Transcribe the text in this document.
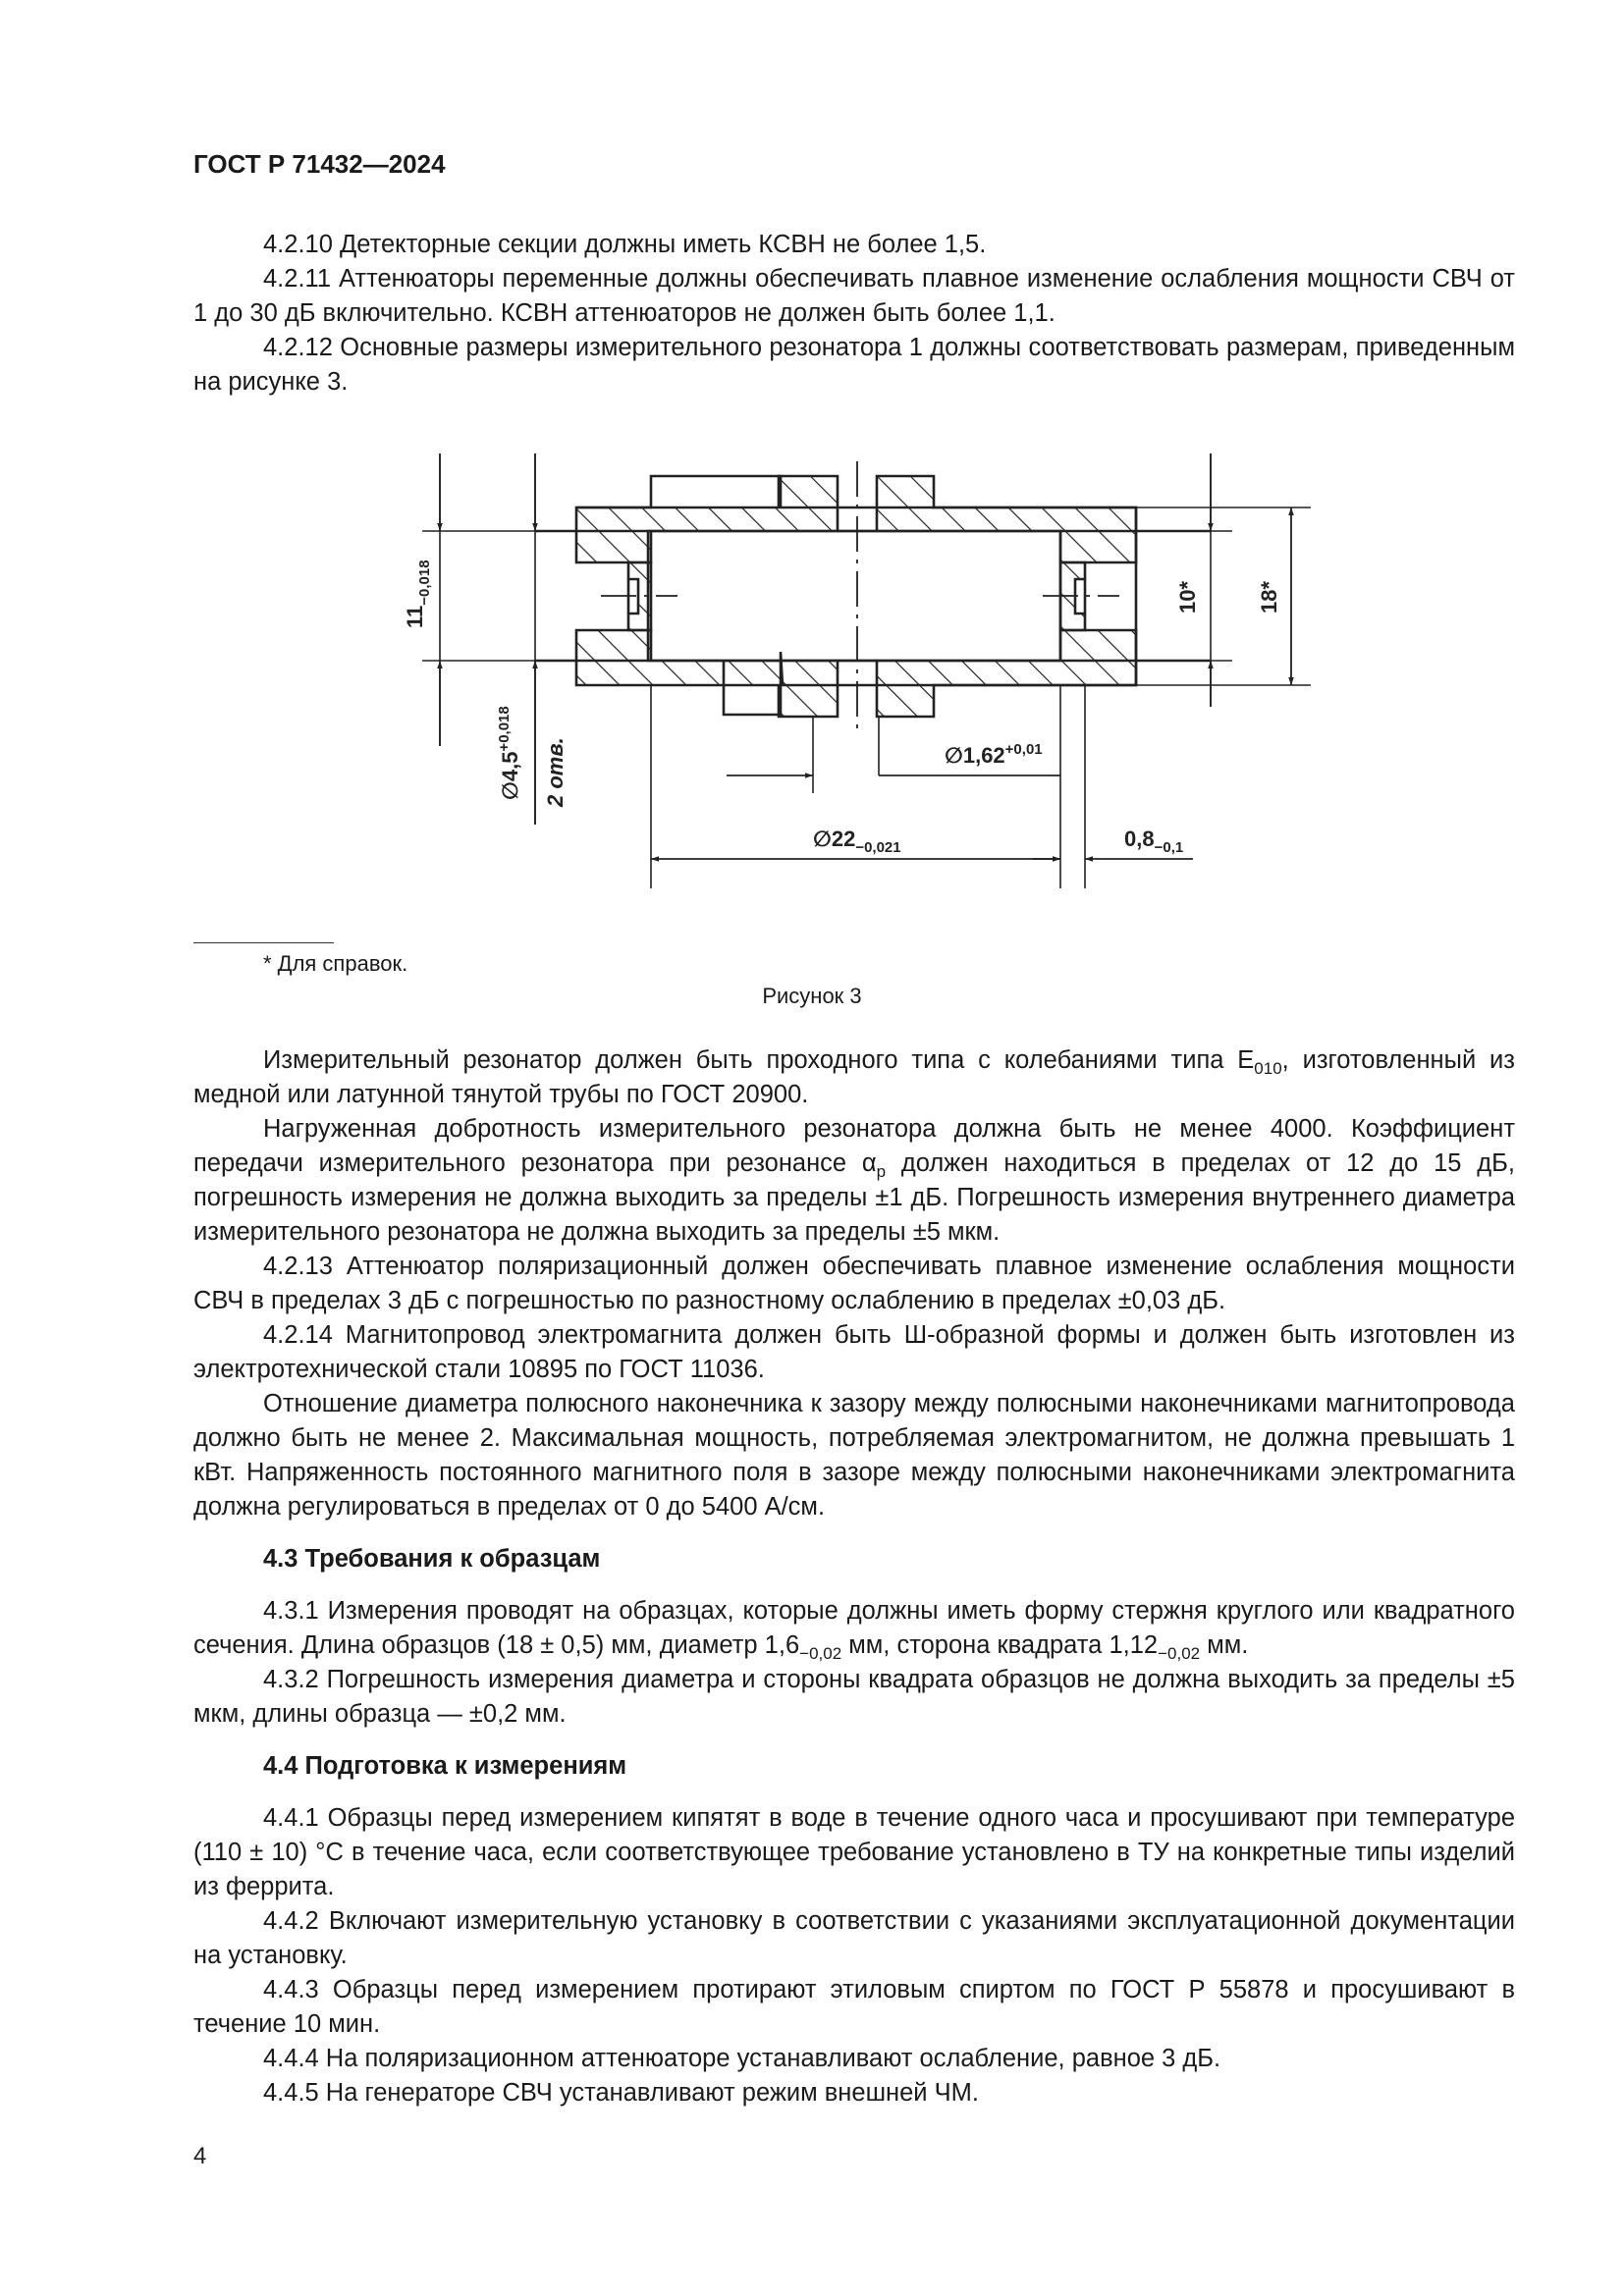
ГОСТ Р 71432—2024

4.2.10 Детекторные секции должны иметь КСВН не более 1,5.

4.2.11 Аттенюаторы переменные должны обеспечивать плавное изменение ослабления мощности СВЧ от 1 до 30 дБ включительно. КСВН аттенюаторов не должен быть более 1,1.

4.2.12 Основные размеры измерительного резонатора 1 должны соответствовать размерам, приведенным на рисунке 3.

$11_{-0,018}$
$\emptyset 4,5^{+0,018}$
2 отв.
10*	18*
$\emptyset 1,62^{+0,01}$
$\emptyset 22_{-0,021}$	$0,8_{-0,1}$
* Для справок.
Рисунок 3

Измерительный резонатор должен быть проходного типа с колебаниями типа $Е_{010}$, изготовленный из медной или латунной тянутой трубы по ГОСТ 20900.

Нагруженная добротность измерительного резонатора должна быть не менее 4000. Коэффициент передачи измерительного резонатора при резонансе $\alpha_р$ должен находиться в пределах от 12 до 15 дБ, погрешность измерения не должна выходить за пределы ±1 дБ. Погрешность измерения внутреннего диаметра измерительного резонатора не должна выходить за пределы ±5 мкм.

4.2.13 Аттенюатор поляризационный должен обеспечивать плавное изменение ослабления мощности СВЧ в пределах 3 дБ с погрешностью по разностному ослаблению в пределах ±0,03 дБ.

4.2.14 Магнитопровод электромагнита должен быть Ш-образной формы и должен быть изготовлен из электротехнической стали 10895 по ГОСТ 11036.

Отношение диаметра полюсного наконечника к зазору между полюсными наконечниками магнитопровода должно быть не менее 2. Максимальная мощность, потребляемая электромагнитом, не должна превышать 1 кВт. Напряженность постоянного магнитного поля в зазоре между полюсными наконечниками электромагнита должна регулироваться в пределах от 0 до 5400 А/см.

4.3 Требования к образцам

4.3.1 Измерения проводят на образцах, которые должны иметь форму стержня круглого или квадратного сечения. Длина образцов (18 ± 0,5) мм, диаметр $1,6_{-0,02}$ мм, сторона квадрата $1,12_{-0,02}$ мм.

4.3.2 Погрешность измерения диаметра и стороны квадрата образцов не должна выходить за пределы ±5 мкм, длины образца — ±0,2 мм.

4.4 Подготовка к измерениям

4.4.1 Образцы перед измерением кипятят в воде в течение одного часа и просушивают при температуре (110 ± 10) °С в течение часа, если соответствующее требование установлено в ТУ на конкретные типы изделий из феррита.

4.4.2 Включают измерительную установку в соответствии с указаниями эксплуатационной документации на установку.

4.4.3 Образцы перед измерением протирают этиловым спиртом по ГОСТ Р 55878 и просушивают в течение 10 мин.

4.4.4 На поляризационном аттенюаторе устанавливают ослабление, равное 3 дБ.

4.4.5 На генераторе СВЧ устанавливают режим внешней ЧМ.

4
